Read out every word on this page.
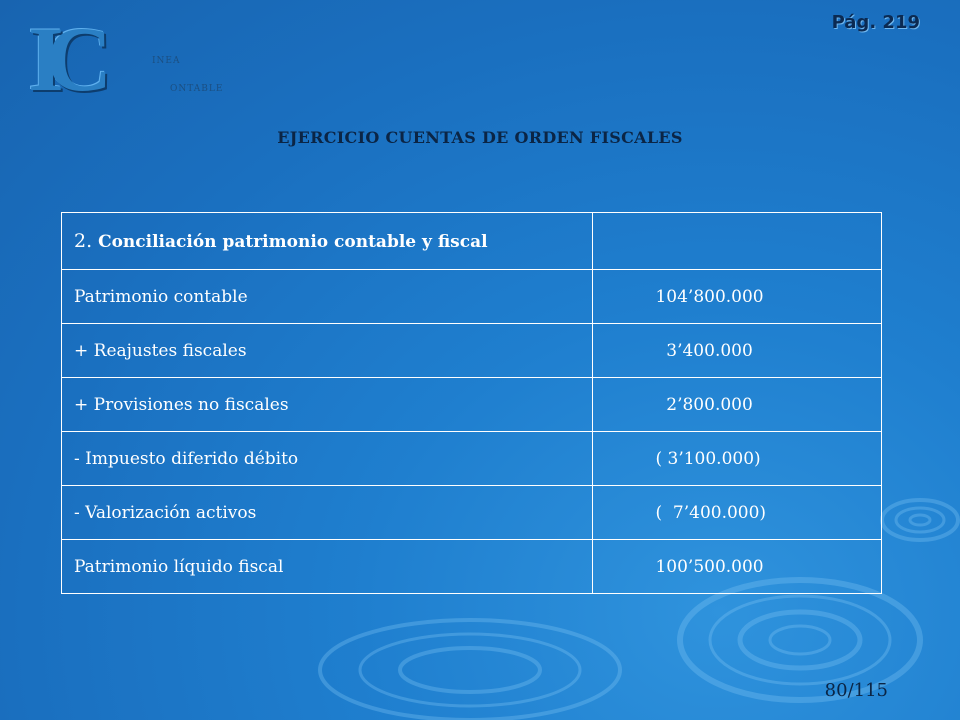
IC	INEA
ONTABLE
Pág. 219
EJERCICIO CUENTAS DE ORDEN FISCALES
2. Conciliación patrimonio contable y fiscal	
Patrimonio contable	104’800.000
+ Reajustes fiscales	3’400.000
+ Provisiones no fiscales	2’800.000
- Impuesto diferido débito	( 3’100.000)
- Valorización activos	(  7’400.000)
Patrimonio líquido fiscal	100’500.000
80/115
